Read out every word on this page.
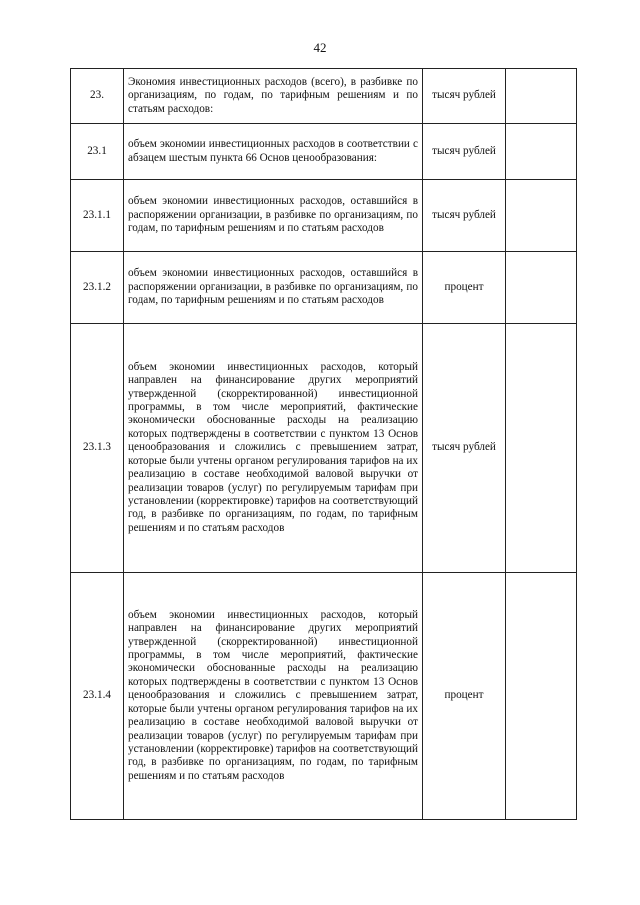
42
23.	Экономия инвестиционных расходов (всего), в разбивке по организациям, по годам, по тарифным решениям и по статьям расходов:	тысяч рублей	
23.1	объем экономии инвестиционных расходов в соответствии с абзацем шестым пункта 66 Основ ценообразования:	тысяч рублей	
23.1.1	объем экономии инвестиционных расходов, оставшийся в распоряжении организации, в разбивке по организациям, по годам, по тарифным решениям и по статьям расходов	тысяч рублей	
23.1.2	объем экономии инвестиционных расходов, оставшийся в распоряжении организации, в разбивке по организациям, по годам, по тарифным решениям и по статьям расходов	процент	
23.1.3	объем экономии инвестиционных расходов, который направлен на финансирование других мероприятий утвержденной (скорректированной) инвестиционной программы, в том числе мероприятий, фактические экономически обоснованные расходы на реализацию которых подтверждены в соответствии с пунктом 13 Основ ценообразования и сложились с превышением затрат, которые были учтены органом регулирования тарифов на их реализацию в составе необходимой валовой выручки от реализации товаров (услуг) по регулируемым тарифам при установлении (корректировке) тарифов на соответствующий год, в разбивке по организациям, по годам, по тарифным решениям и по статьям расходов	тысяч рублей	
23.1.4	объем экономии инвестиционных расходов, который направлен на финансирование других мероприятий утвержденной (скорректированной) инвестиционной программы, в том числе мероприятий, фактические экономически обоснованные расходы на реализацию которых подтверждены в соответствии с пунктом 13 Основ ценообразования и сложились с превышением затрат, которые были учтены органом регулирования тарифов на их реализацию в составе необходимой валовой выручки от реализации товаров (услуг) по регулируемым тарифам при установлении (корректировке) тарифов на соответствующий год, в разбивке по организациям, по годам, по тарифным решениям и по статьям расходов	процент	
